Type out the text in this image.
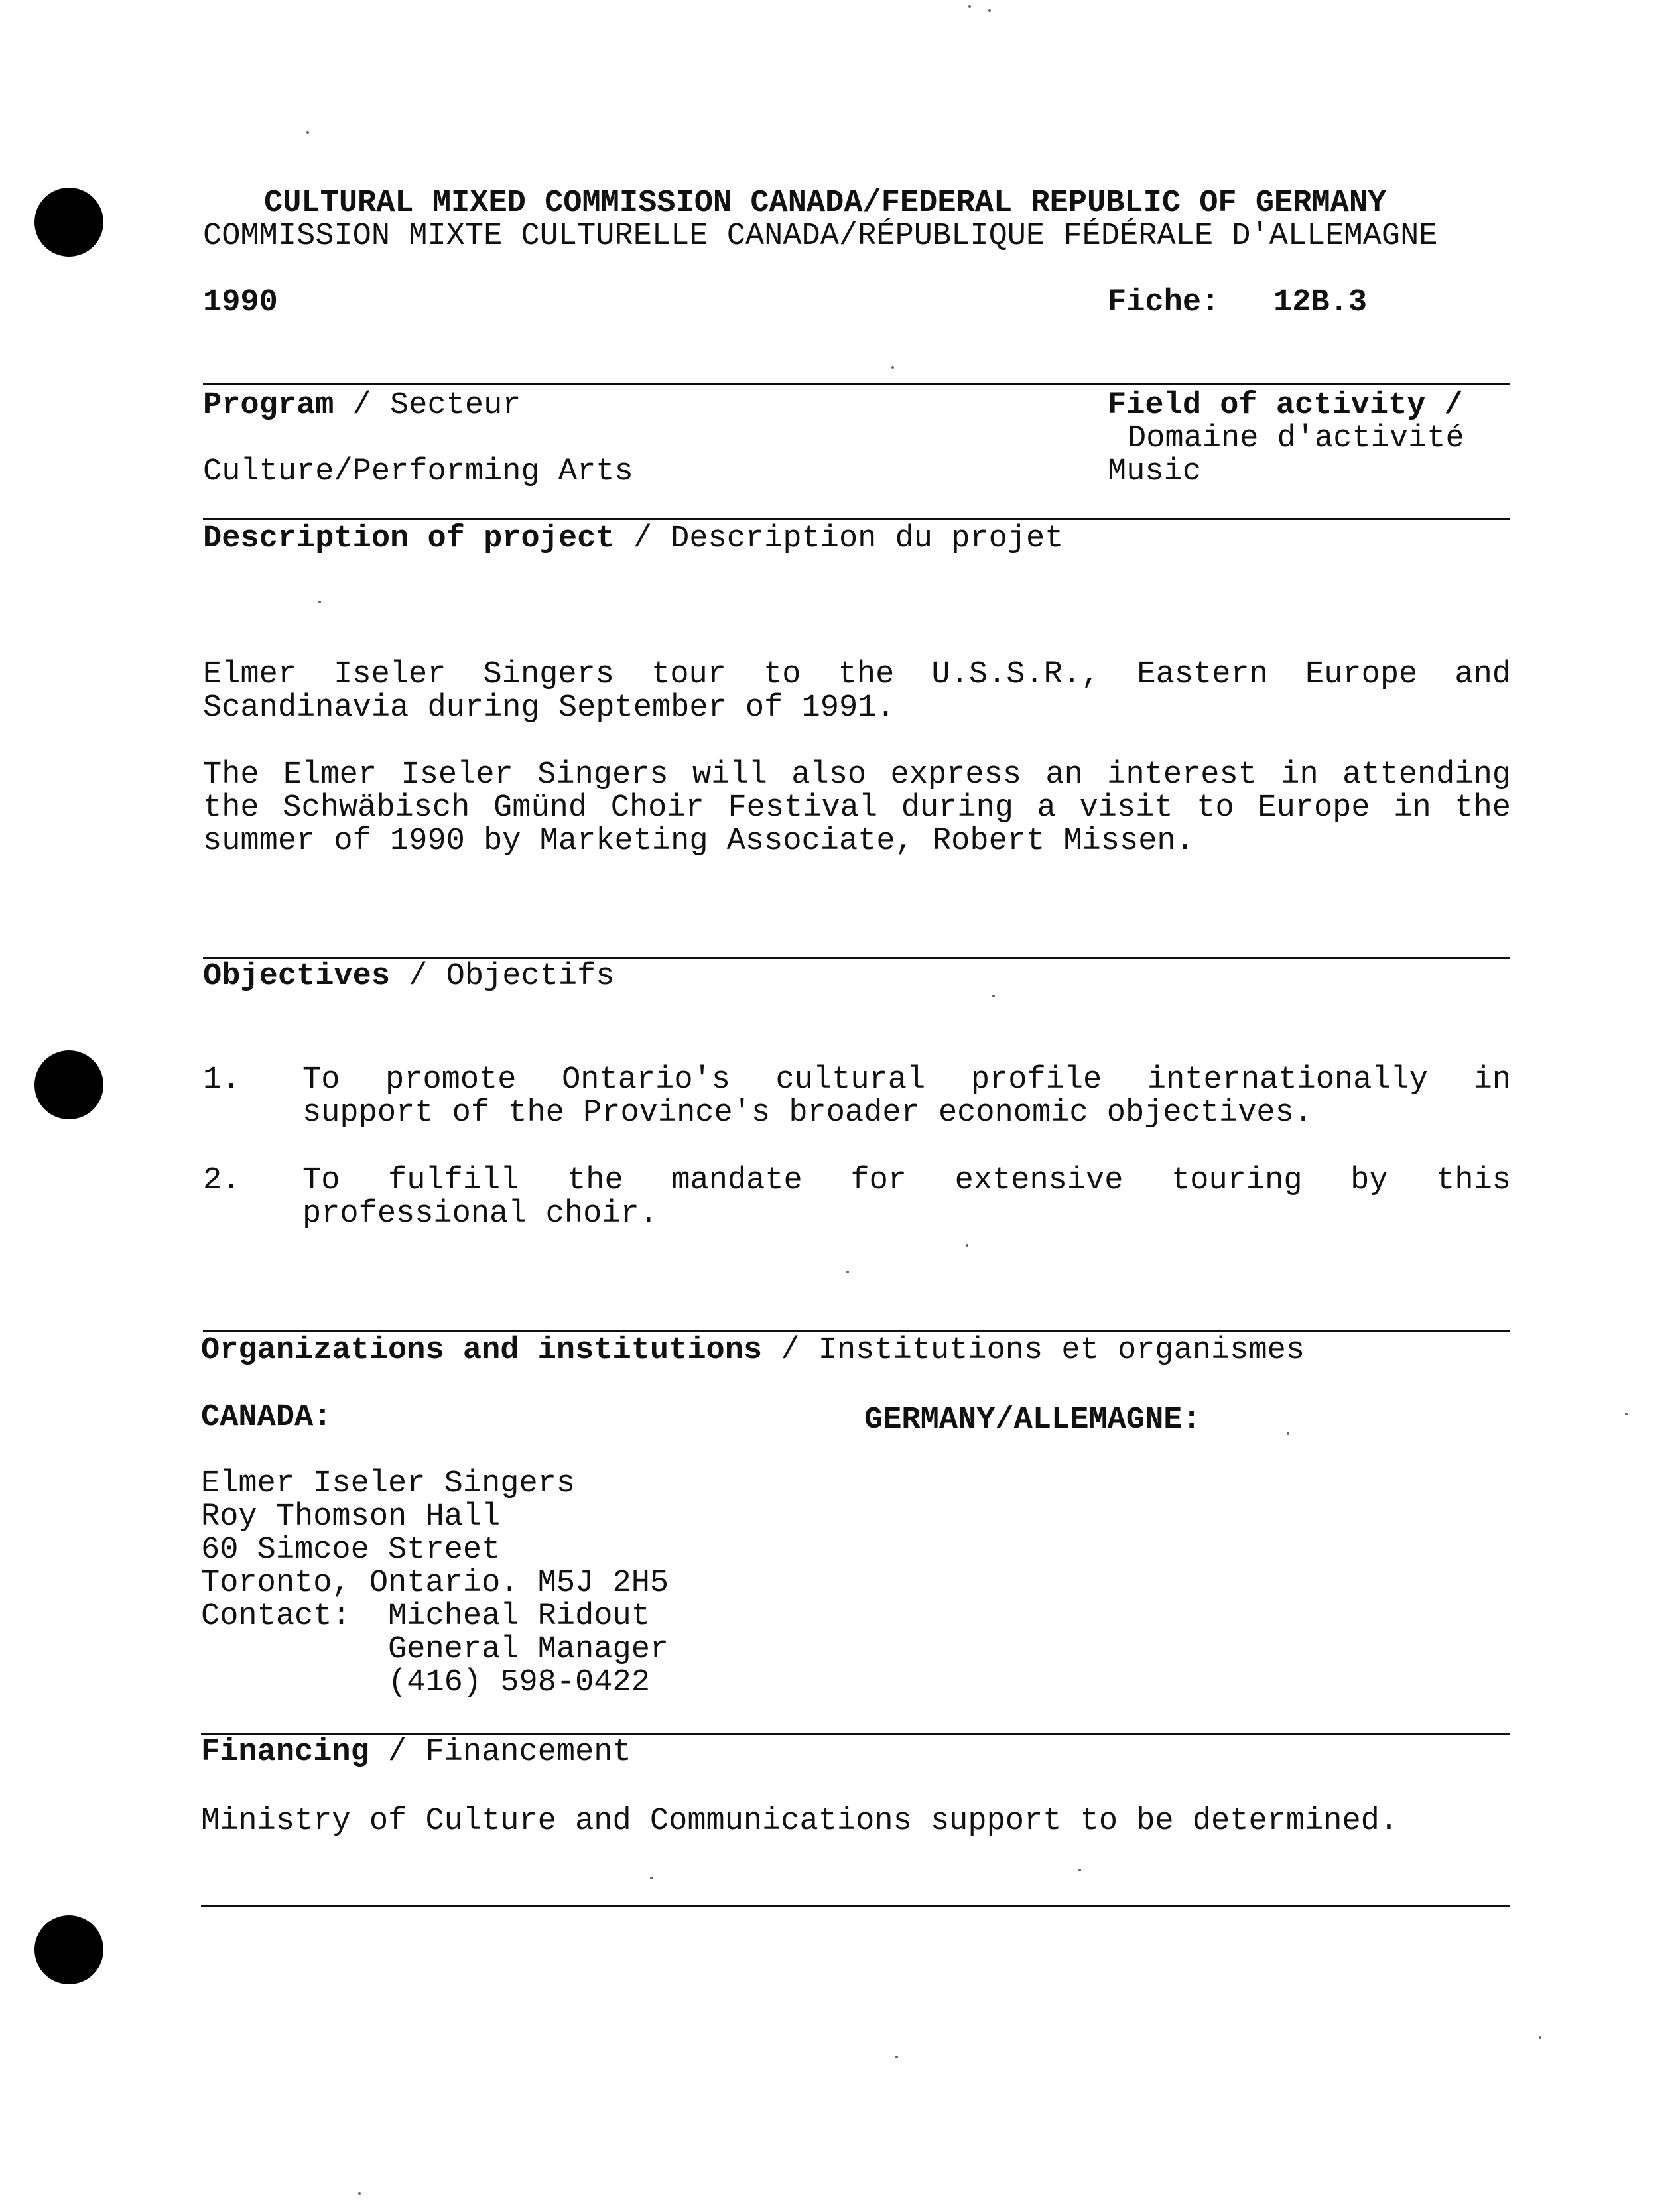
CULTURAL MIXED COMMISSION CANADA/FEDERAL REPUBLIC OF GERMANY
COMMISSION MIXTE CULTURELLE CANADA/RÉPUBLIQUE FÉDÉRALE D'ALLEMAGNE
1990	Fiche: 12B.3
Program / Secteur	Field of activity /
Domaine d'activité
Culture/Performing Arts	Music
Description of project / Description du projet
Elmer Iseler Singers tour to the U.S.S.R., Eastern Europe and
Scandinavia during September of 1991.
The Elmer Iseler Singers will also express an interest in attending
the Schwäbisch Gmünd Choir Festival during a visit to Europe in the
summer of 1990 by Marketing Associate, Robert Missen.
Objectives / Objectifs
1. To promote Ontario's cultural profile internationally in
support of the Province's broader economic objectives.
2. To fulfill the mandate for extensive touring by this
professional choir.
Organizations and institutions / Institutions et organismes
CANADA:	GERMANY/ALLEMAGNE:
Elmer Iseler Singers
Roy Thomson Hall
60 Simcoe Street
Toronto, Ontario. M5J 2H5
Contact:  Micheal Ridout
General Manager
(416) 598-0422
Financing / Financement
Ministry of Culture and Communications support to be determined.
